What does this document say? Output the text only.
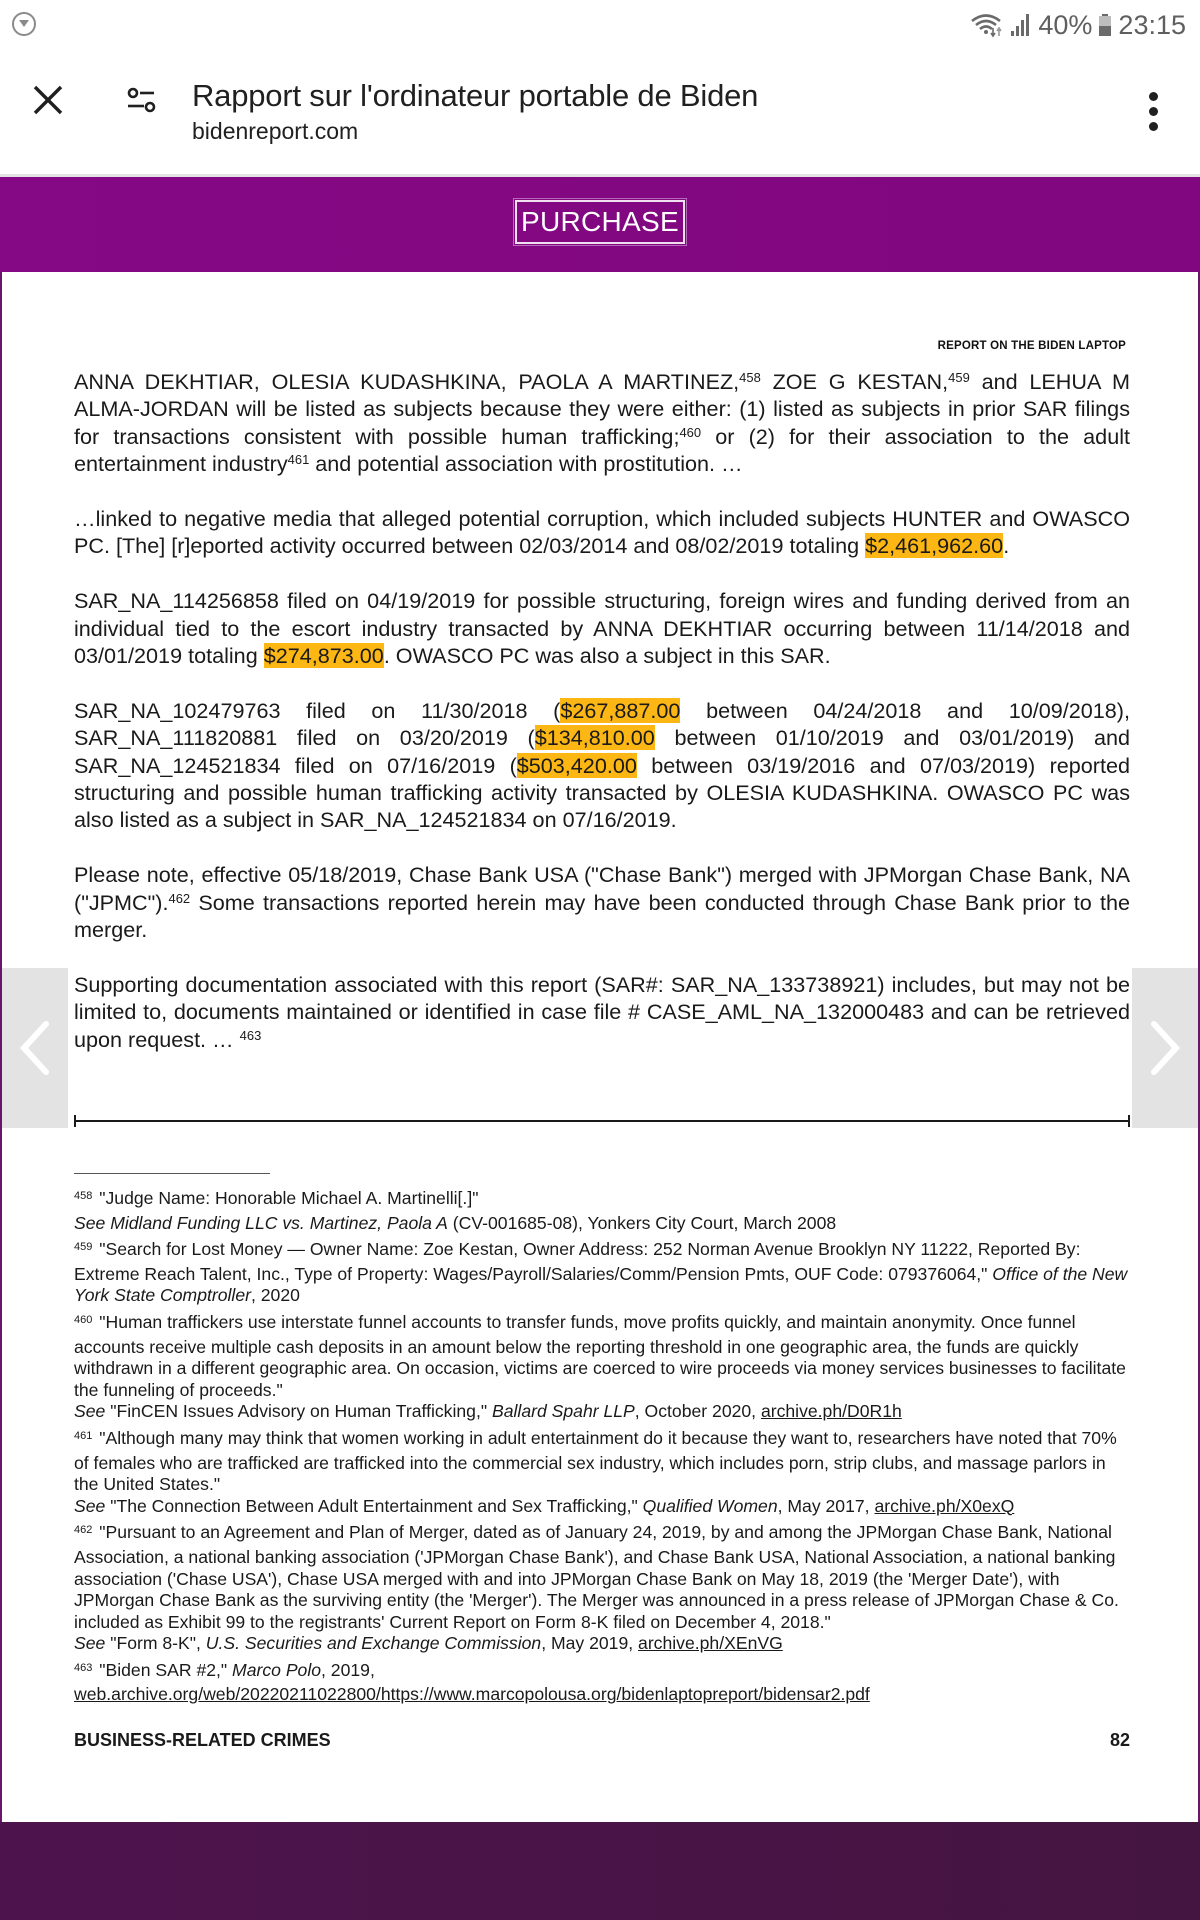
40% 23:15
Rapport sur l'ordinateur portable de Biden
bidenreport.com
PURCHASE
REPORT ON THE BIDEN LAPTOP

ANNA DEKHTIAR, OLESIA KUDASHKINA, PAOLA A MARTINEZ,$^{458}$ ZOE G KESTAN,$^{459}$ and LEHUA M ALMA-JORDAN will be listed as subjects because they were either: (1) listed as subjects in prior SAR filings for transactions consistent with possible human trafficking;$^{460}$ or (2) for their association to the adult entertainment industry$^{461}$ and potential association with prostitution. …

…linked to negative media that alleged potential corruption, which included subjects HUNTER and OWASCO PC. [The] [r]eported activity occurred between 02/03/2014 and 08/02/2019 totaling $2,461,962.60.

SAR_NA_114256858 filed on 04/19/2019 for possible structuring, foreign wires and funding derived from an individual tied to the escort industry transacted by ANNA DEKHTIAR occurring between 11/14/2018 and 03/01/2019 totaling $274,873.00. OWASCO PC was also a subject in this SAR.

SAR_NA_102479763 filed on 11/30/2018 ($267,887.00 between 04/24/2018 and 10/09/2018), SAR_NA_111820881 filed on 03/20/2019 ($134,810.00 between 01/10/2019 and 03/01/2019) and SAR_NA_124521834 filed on 07/16/2019 ($503,420.00 between 03/19/2016 and 07/03/2019) reported structuring and possible human trafficking activity transacted by OLESIA KUDASHKINA. OWASCO PC was also listed as a subject in SAR_NA_124521834 on 07/16/2019.

Please note, effective 05/18/2019, Chase Bank USA ("Chase Bank") merged with JPMorgan Chase Bank, NA ("JPMC").$^{462}$ Some transactions reported herein may have been conducted through Chase Bank prior to the merger.

Supporting documentation associated with this report (SAR#: SAR_NA_133738921) includes, but may not be limited to, documents maintained or identified in case file # CASE_AML_NA_132000483 and can be retrieved upon request. … $^{463}$

$^{458}$ "Judge Name: Honorable Michael A. Martinelli[.]"
See Midland Funding LLC vs. Martinez, Paola A (CV-001685-08), Yonkers City Court, March 2008
$^{459}$ "Search for Lost Money — Owner Name: Zoe Kestan, Owner Address: 252 Norman Avenue Brooklyn NY 11222, Reported By: Extreme Reach Talent, Inc., Type of Property: Wages/Payroll/Salaries/Comm/Pension Pmts, OUF Code: 079376064," Office of the New York State Comptroller, 2020
$^{460}$ "Human traffickers use interstate funnel accounts to transfer funds, move profits quickly, and maintain anonymity. Once funnel accounts receive multiple cash deposits in an amount below the reporting threshold in one geographic area, the funds are quickly withdrawn in a different geographic area. On occasion, victims are coerced to wire proceeds via money services businesses to facilitate the funneling of proceeds."
See "FinCEN Issues Advisory on Human Trafficking," Ballard Spahr LLP, October 2020, archive.ph/D0R1h
$^{461}$ "Although many may think that women working in adult entertainment do it because they want to, researchers have noted that 70% of females who are trafficked are trafficked into the commercial sex industry, which includes porn, strip clubs, and massage parlors in the United States."
See "The Connection Between Adult Entertainment and Sex Trafficking," Qualified Women, May 2017, archive.ph/X0exQ
$^{462}$ "Pursuant to an Agreement and Plan of Merger, dated as of January 24, 2019, by and among the JPMorgan Chase Bank, National Association, a national banking association ('JPMorgan Chase Bank'), and Chase Bank USA, National Association, a national banking association ('Chase USA'), Chase USA merged with and into JPMorgan Chase Bank on May 18, 2019 (the 'Merger Date'), with JPMorgan Chase Bank as the surviving entity (the 'Merger'). The Merger was announced in a press release of JPMorgan Chase & Co. included as Exhibit 99 to the registrants' Current Report on Form 8-K filed on December 4, 2018."
See "Form 8-K", U.S. Securities and Exchange Commission, May 2019, archive.ph/XEnVG
$^{463}$ "Biden SAR #2," Marco Polo, 2019,
web.archive.org/web/20220211022800/https://www.marcopolousa.org/bidenlaptopreport/bidensar2.pdf
BUSINESS-RELATED CRIMES	82
